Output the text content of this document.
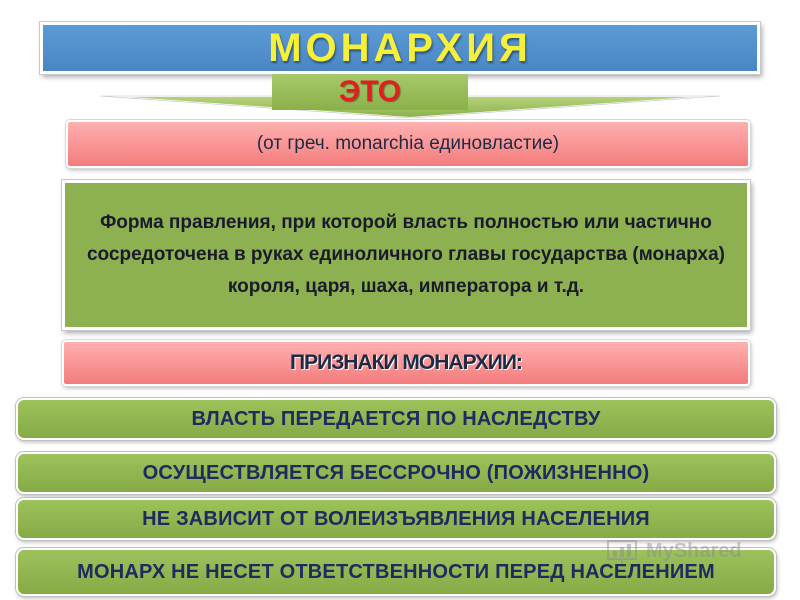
МОНАРХИЯ
ЭТО
(от греч. monarchia единовластие)
Форма правления, при которой власть полностью или частично сосредоточена в руках единоличного главы государства (монарха) короля, царя, шаха, императора и т.д.
ПРИЗНАКИ МОНАРХИИ:
ВЛАСТЬ ПЕРЕДАЕТСЯ ПО НАСЛЕДСТВУ
ОСУЩЕСТВЛЯЕТСЯ БЕССРОЧНО (ПОЖИЗНЕННО)
НЕ ЗАВИСИТ ОТ ВОЛЕИЗЪЯВЛЕНИЯ НАСЕЛЕНИЯ
МОНАРХ НЕ НЕСЕТ ОТВЕТСТВЕННОСТИ ПЕРЕД НАСЕЛЕНИЕМ
MyShared
